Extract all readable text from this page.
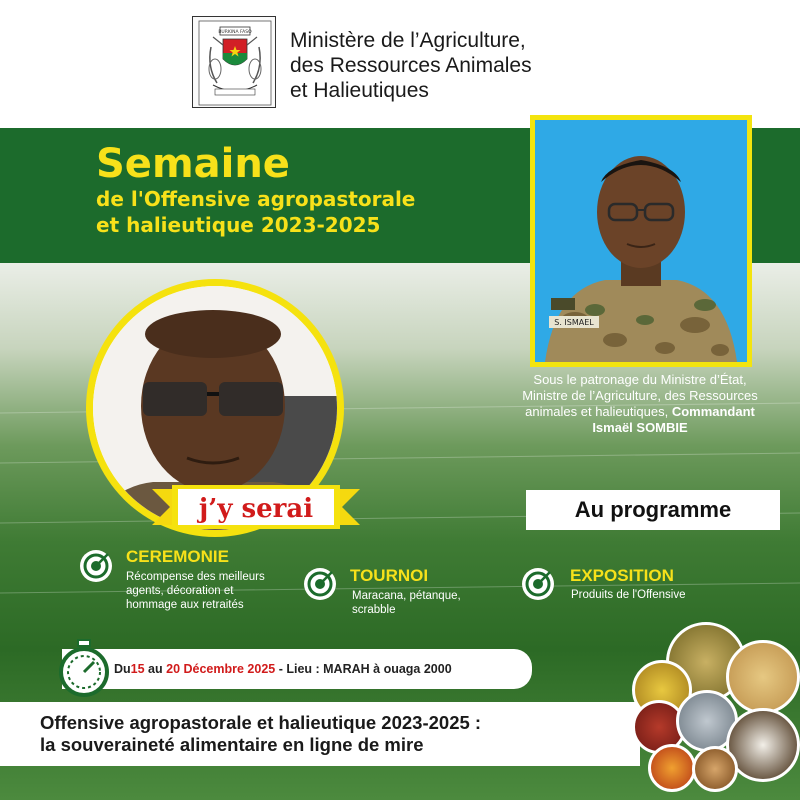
BURKINA FASO Ministère de l’Agriculture,
des Ressources Animales
et Halieutiques
Semaine
de l'Offensive agropastorale
et halieutique 2023-2025
S. ISMAEL
Sous le patronage du Ministre d’État,
Ministre de l’Agriculture, des Ressources
animales et halieutiques, Commandant
Ismaël SOMBIE
j’y serai	Au programme
CEREMONIE
Récompense des meilleurs
agents, décoration et
hommage aux retraités
TOURNOI
Maracana, pétanque,
scrabble
EXPOSITION
Produits de l'Offensive
Du 15 au 20 Décembre 2025 - Lieu : MARAH à ouaga 2000
Offensive agropastorale et halieutique 2023-2025 :
la souveraineté alimentaire en ligne de mire
